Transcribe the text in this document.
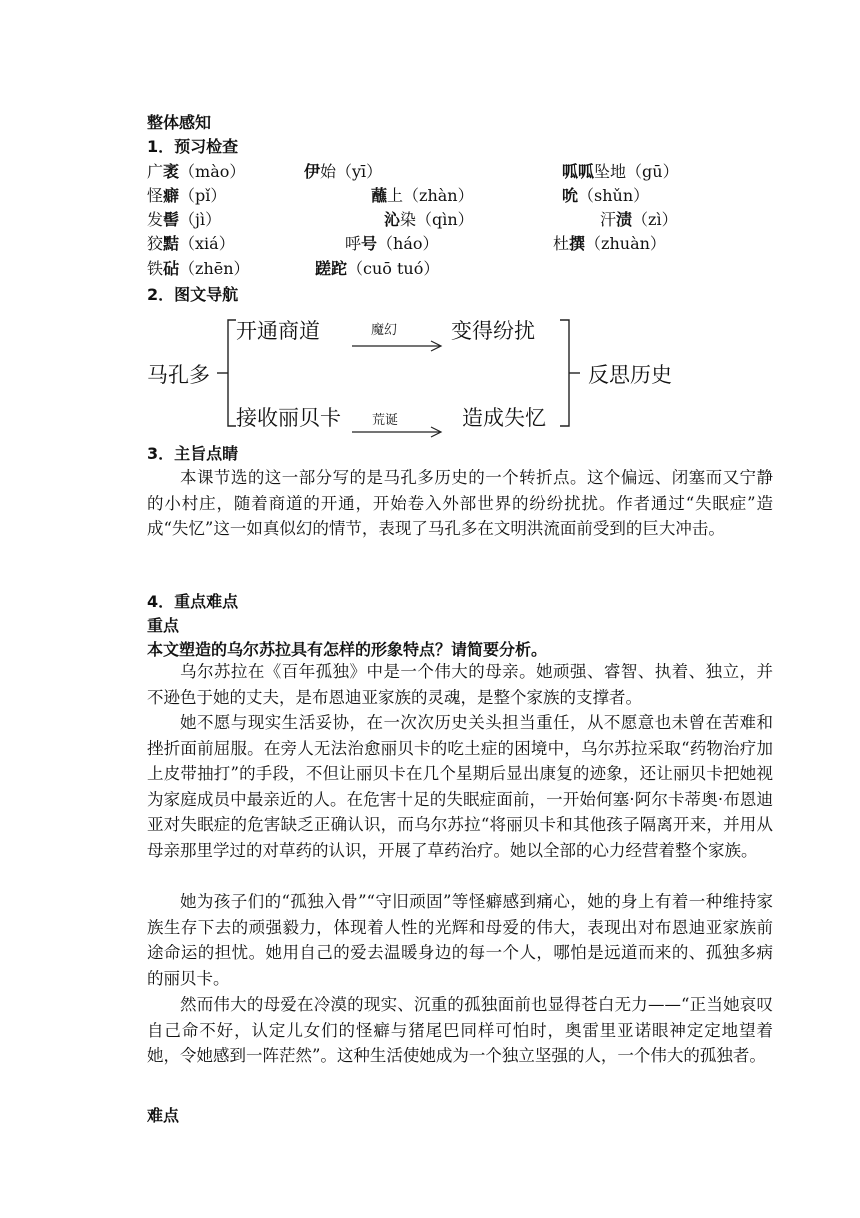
整体感知
1．预习检查
广袤（mào）	伊始（yī）	呱呱坠地（gū）
怪癖（pǐ）	蘸上（zhàn）	吮（shǔn）
发髻（jì）	沁染（qìn）	汗渍（zì）
狡黠（xiá）	呼号（háo）	杜撰（zhuàn）
铁砧（zhēn）	蹉跎（cuō tuó）
2．图文导航
马孔多
开通商道	魔幻	变得纷扰
接收丽贝卡 荒诞	造成失忆
反思历史
3．主旨点睛
本课节选的这一部分写的是马孔多历史的一个转折点。这个偏远、闭塞而又宁静的小村庄，随着商道的开通，开始卷入外部世界的纷纷扰扰。作者通过“失眠症”造成“失忆”这一如真似幻的情节，表现了马孔多在文明洪流面前受到的巨大冲击。
4．重点难点
重点
本文塑造的乌尔苏拉具有怎样的形象特点？请简要分析。
乌尔苏拉在《百年孤独》中是一个伟大的母亲。她顽强、睿智、执着、独立，并不逊色于她的丈夫，是布恩迪亚家族的灵魂，是整个家族的支撑者。
她不愿与现实生活妥协，在一次次历史关头担当重任，从不愿意也未曾在苦难和挫折面前屈服。在旁人无法治愈丽贝卡的吃土症的困境中，乌尔苏拉采取“药物治疗加上皮带抽打”的手段，不但让丽贝卡在几个星期后显出康复的迹象，还让丽贝卡把她视为家庭成员中最亲近的人。在危害十足的失眠症面前，一开始何塞·阿尔卡蒂奥·布恩迪亚对失眠症的危害缺乏正确认识，而乌尔苏拉“将丽贝卡和其他孩子隔离开来，并用从母亲那里学过的对草药的认识，开展了草药治疗。她以全部的心力经营着整个家族。
她为孩子们的“孤独入骨”“守旧顽固”等怪癖感到痛心，她的身上有着一种维持家族生存下去的顽强毅力，体现着人性的光辉和母爱的伟大，表现出对布恩迪亚家族前途命运的担忧。她用自己的爱去温暖身边的每一个人，哪怕是远道而来的、孤独多病的丽贝卡。
然而伟大的母爱在冷漠的现实、沉重的孤独面前也显得苍白无力——“正当她哀叹自己命不好，认定儿女们的怪癖与猪尾巴同样可怕时，奥雷里亚诺眼神定定地望着她，令她感到一阵茫然”。这种生活使她成为一个独立坚强的人，一个伟大的孤独者。
难点
